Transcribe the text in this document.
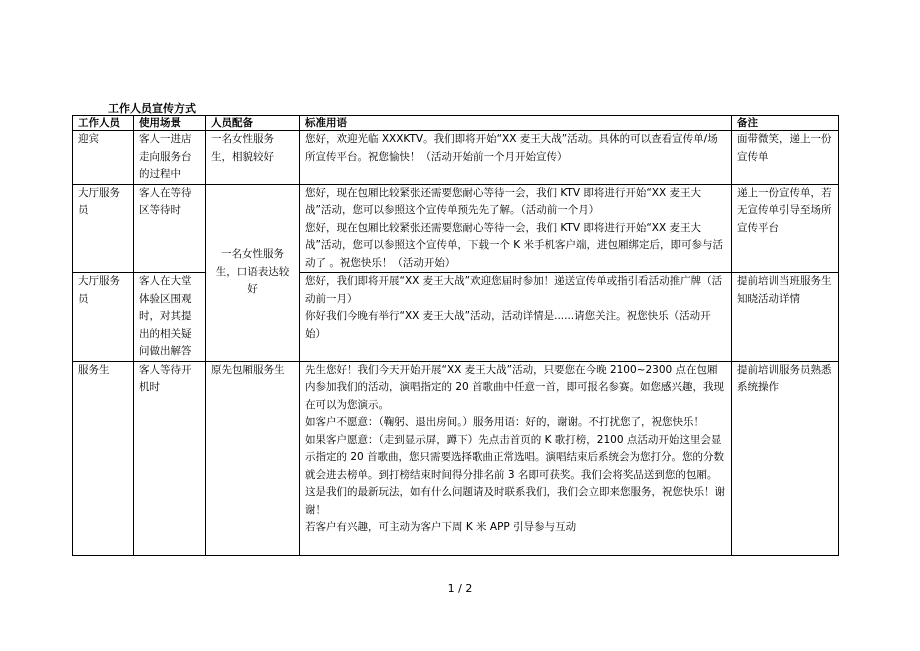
工作人员宣传方式
工作人员	使用场景	人员配备	标准用语	备注
迎宾	客人一进店走向服务台的过程中	一名女性服务生，相貌较好	您好，欢迎光临 XXXKTV。我们即将开始“XX 麦王大战”活动。具体的可以查看宣传单/场所宣传平台。祝您愉快！（活动开始前一个月开始宣传）	面带微笑，递上一份宣传单
大厅服务员	客人在等待区等待时	一名女性服务生，口语表达较好	您好，现在包厢比较紧张还需要您耐心等待一会，我们 KTV 即将进行开始“XX 麦王大战”活动，您可以参照这个宣传单预先先了解。（活动前一个月）
您好，现在包厢比较紧张还需要您耐心等待一会，我们 KTV 即将进行开始“XX 麦王大战”活动，您可以参照这个宣传单，下载一个 K 米手机客户端，进包厢绑定后，即可参与活动了 。祝您快乐！（活动开始）	递上一份宣传单，若无宣传单引导至场所宣传平台
大厅服务员	客人在大堂体验区围观时，对其提出的相关疑问做出解答		您好，我们即将开展“XX 麦王大战”欢迎您届时参加！递送宣传单或指引看活动推广牌（活动前一月）
你好我们今晚有举行“XX 麦王大战”活动，活动详情是......请您关注。祝您快乐（活动开始）	提前培训当班服务生知晓活动详情
服务生	客人等待开机时	原先包厢服务生	先生您好！我们今天开始开展“XX 麦王大战”活动，只要您在今晚 2100~2300 点在包厢内参加我们的活动，演唱指定的 20 首歌曲中任意一首，即可报名参赛。如您感兴趣，我现在可以为您演示。
如客户不愿意：（鞠躬、退出房间。）服务用语：好的，谢谢。不打扰您了，祝您快乐！
如果客户愿意：（走到显示屏，蹲下）先点击首页的 K 歌打榜，2100 点活动开始这里会显示指定的 20 首歌曲，您只需要选择歌曲正常选唱。演唱结束后系统会为您打分。您的分数就会进去榜单。到打榜结束时间得分排名前 3 名即可获奖。我们会将奖品送到您的包厢。这是我们的最新玩法，如有什么问题请及时联系我们，我们会立即来您服务，祝您快乐！谢谢！
若客户有兴趣，可主动为客户下周 K 米 APP 引导参与互动	提前培训服务员熟悉系统操作
1 / 2
